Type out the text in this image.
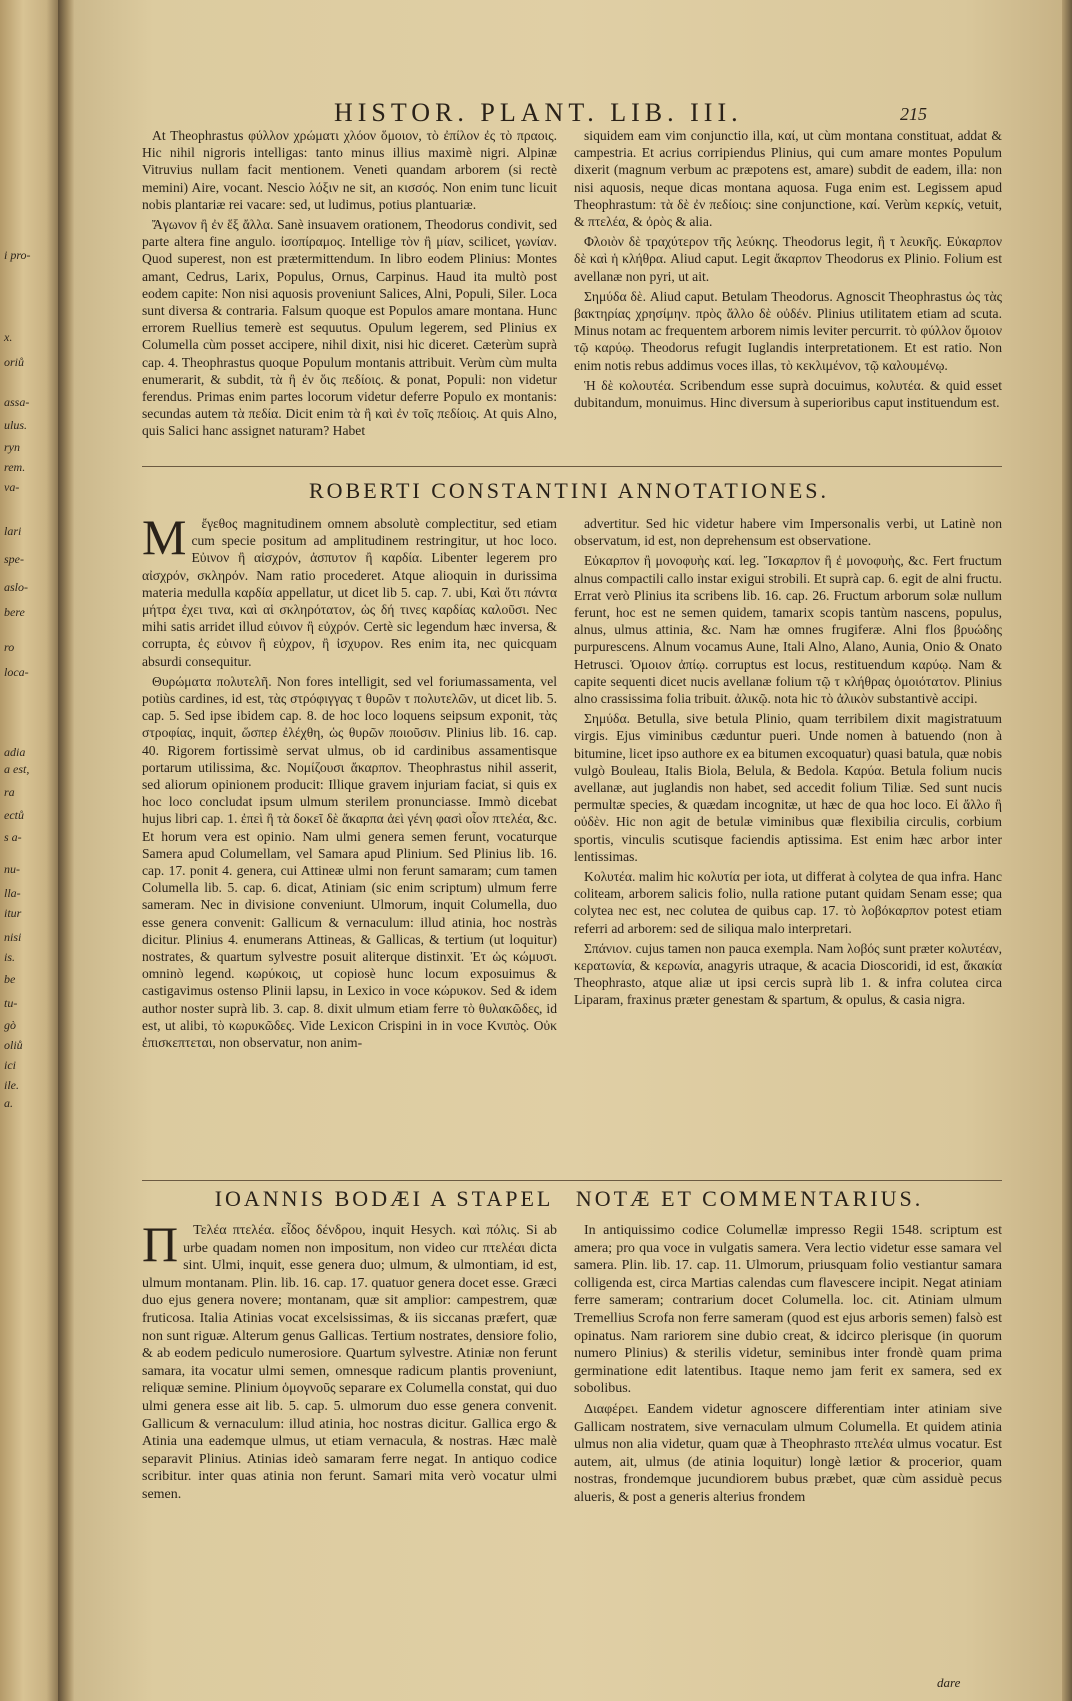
i pro-
x.
oriů
assa-
ulus.
ryn
rem.
va-
lari
spe-
aslo-
bere
ro
loca-
adia
a est,
ra
ectů
s a-
nu-
lla-
itur
nisi
is.
be
tu-
gò
oliů
ici
ile.
a.
HISTOR. PLANT. LIB. III.	215

At Theophrastus φύλλον χρώματι χλόον ὅμοιον, τὸ ἐπίλον ἐς τὸ πραοις. Hic nihil nigroris intelligas: tanto minus illius maximè nigri. Alpinæ Vitruvius nullam facit mentionem. Veneti quandam arborem (si rectè memini) Aire, vocant. Nescio λόξιν ne sit, an κισσός. Non enim tunc licuit nobis plantariæ rei vacare: sed, ut ludimus, potius plantuariæ.

Ἄγωνον ἢ ἐν ἕξ ἄλλα. Sanè insuavem orationem, Theodorus condivit, sed parte altera fine angulo. ἰσοπίραμος. Intellige τὸν ἢ μίαν, scilicet, γωνίαν. Quod superest, non est prætermittendum. In libro eodem Plinius: Montes amant, Cedrus, Larix, Populus, Ornus, Carpinus. Haud ita multò post eodem capite: Non nisi aquosis proveniunt Salices, Alni, Populi, Siler. Loca sunt diversa & contraria. Falsum quoque est Populos amare montana. Hunc errorem Ruellius temerè est sequutus. Opulum legerem, sed Plinius ex Columella cùm posset accipere, nihil dixit, nisi hic diceret. Cæterùm suprà cap. 4. Theophrastus quoque Populum montanis attribuit. Verùm cùm multa enumerarit, & subdit, τὰ ἢ ἐν ὅις πεδίοις. & ponat, Populi: non videtur ferendus. Primas enim partes locorum videtur deferre Populo ex montanis: secundas autem τὰ πεδία. Dicit enim τὰ ἢ καὶ ἐν τοῖς πεδίοις. At quis Alno, quis Salici hanc assignet naturam? Habet

siquidem eam vim conjunctio illa, καί, ut cùm montana constituat, addat & campestria. Et acrius corripiendus Plinius, qui cum amare montes Populum dixerit (magnum verbum ac præpotens est, amare) subdit de eadem, illa: non nisi aquosis, neque dicas montana aquosa. Fuga enim est. Legissem apud Theophrastum: τὰ δὲ ἐν πεδίοις: sine conjunctione, καί. Verùm κερκίς, vetuit, & πτελέα, & ὀρὸς & alia.

Φλοιὸν δὲ τραχύτερον τῆς λεύκης. Theodorus legit, ἢ τ λευκῆς. Εὐκαρπον δὲ καὶ ἡ κλήθρα. Aliud caput. Legit ἄκαρπον Theodorus ex Plinio. Folium est avellanæ non pyri, ut ait.

Σημύδα δὲ. Aliud caput. Betulam Theodorus. Agnoscit Theophrastus ὡς τὰς βακτηρίας χρησίμην. πρὸς ἄλλο δὲ οὐδέν. Plinius utilitatem etiam ad scuta. Minus notam ac frequentem arborem nimis leviter percurrit. τὸ φύλλον ὅμοιον τῷ καρύῳ. Theodorus refugit Iuglandis interpretationem. Et est ratio. Non enim notis rebus addimus voces illas, τὸ κεκλιμένον, τῷ καλουμένῳ.

Ἡ δὲ κολουτέα. Scribendum esse suprà docuimus, κολυτέα. & quid esset dubitandum, monuimus. Hinc diversum à superioribus caput instituendum est.

ROBERTI CONSTANTINI ANNOTATIONES.
M	ἔγεθος magnitudinem omnem absolutè complectitur, sed etiam cum specie positum ad amplitudinem restringitur, ut hoc loco. Εὐινον ἢ αἰσχρόν, ἀσπυτον ἢ καρδία. Libenter legerem pro αἰσχρόν, σκληρόν. Nam ratio procederet. Atque alioquin in durissima materia medulla καρδία appellatur, ut dicet lib 5. cap. 7. ubi, Καὶ ὅτι πάντα μήτρα ἐχει τινα, καὶ αἱ σκληρότατον, ὡς δή τινες καρδίας καλοῦσι. Nec mihi satis arridet illud εὐινον ἢ εὐχρόν. Certè sic legendum hæc inversa, & corrupta, ἐς εὐινον ἢ εὐχρον, ἢ ἰσχυρον. Res enim ita, nec quicquam absurdi consequitur.

Θυρώματα πολυτελῆ. Non fores intelligit, sed vel foriumassamenta, vel potiùs cardines, id est, τὰς στρόφιγγας τ θυρῶν τ πολυτελῶν, ut dicet lib. 5. cap. 5. Sed ipse ibidem cap. 8. de hoc loco loquens seipsum exponit, τὰς στροφίας, inquit, ὥσπερ ἐλέχθη, ὡς θυρῶν ποιοῦσιν. Plinius lib. 16. cap. 40. Rigorem fortissimè servat ulmus, ob id cardinibus assamentisque portarum utilissima, &c. Νομίζουσι ἄκαρπον. Theophrastus nihil asserit, sed aliorum opinionem producit: Illique gravem injuriam faciat, si quis ex hoc loco concludat ipsum ulmum sterilem pronunciasse. Immò dicebat hujus libri cap. 1. ἐπεὶ ἢ τὰ δοκεῖ δὲ ἄκαρπα ἀεὶ γένη φασὶ οἷον πτελέα, &c. Et horum vera est opinio. Nam ulmi genera semen ferunt, vocaturque Samera apud Columellam, vel Samara apud Plinium. Sed Plinius lib. 16. cap. 17. ponit 4. genera, cui Attineæ ulmi non ferunt samaram; cum tamen Columella lib. 5. cap. 6. dicat, Atiniam (sic enim scriptum) ulmum ferre sameram. Nec in divisione conveniunt. Ulmorum, inquit Columella, duo esse genera convenit: Gallicum & vernaculum: illud atinia, hoc nostràs dicitur. Plinius 4. enumerans Attineas, & Gallicas, & tertium (ut loquitur) nostrates, & quartum sylvestre posuit aliterque distinxit. Ἐτ ὡς κώμυσι. omninò legend. κωρύκοις, ut copiosè hunc locum exposuimus & castigavimus ostenso Plinii lapsu, in Lexico in voce κώρυκον. Sed & idem author noster suprà lib. 3. cap. 8. dixit ulmum etiam ferre τὸ θυλακῶδες, id est, ut alibi, τὸ κωρυκῶδες. Vide Lexicon Crispini in in voce Κνιπὸς. Οὐκ ἐπισκεπτεται, non observatur, non anim-

advertitur. Sed hic videtur habere vim Impersonalis verbi, ut Latinè non observatum, id est, non deprehensum est observatione.

Εὐκαρπον ἢ μονοφυὴς καί. leg. Ἴσκαρπον ἢ ἐ μονοφυὴς, &c. Fert fructum alnus compactili callo instar exigui strobili. Et suprà cap. 6. egit de alni fructu. Errat verò Plinius ita scribens lib. 16. cap. 26. Fructum arborum solæ nullum ferunt, hoc est ne semen quidem, tamarix scopis tantùm nascens, populus, alnus, ulmus attinia, &c. Nam hæ omnes frugiferæ. Alni flos βρυώδης purpurescens. Alnum vocamus Aune, Itali Alno, Alano, Aunia, Onio & Onato Hetrusci. Ὁμοιον ἀπίῳ. corruptus est locus, restituendum καρύῳ. Nam & capite sequenti dicet nucis avellanæ folium τῷ τ κλήθρας ὁμοιότατον. Plinius alno crassissima folia tribuit. ἀλικῷ. nota hic τὸ ἀλικὸν substantivè accipi.

Σημύδα. Betulla, sive betula Plinio, quam terribilem dixit magistratuum virgis. Ejus viminibus cæduntur pueri. Unde nomen à batuendo (non à bitumine, licet ipso authore ex ea bitumen excoquatur) quasi batula, quæ nobis vulgò Bouleau, Italis Biola, Belula, & Bedola. Καρύα. Betula folium nucis avellanæ, aut juglandis non habet, sed accedit folium Tiliæ. Sed sunt nucis permultæ species, & quædam incognitæ, ut hæc de qua hoc loco. Εἰ ἄλλο ἢ οὐδὲν. Hic non agit de betulæ viminibus quæ flexibilia circulis, corbium sportis, vinculis scutisque faciendis aptissima. Est enim hæc arbor inter lentissimas.

Κολυτέα. malim hic κολυτία per iota, ut differat à colytea de qua infra. Hanc coliteam, arborem salicis folio, nulla ratione putant quidam Senam esse; qua colytea nec est, nec colutea de quibus cap. 17. τὸ λοβόκαρπον potest etiam referri ad arborem: sed de siliqua malo interpretari.

Σπάνιον. cujus tamen non pauca exempla. Nam λοβός sunt præter κολυτέαν, κερατωνία, & κερωνία, anagyris utraque, & acacia Dioscoridi, id est, ἄκακία Theophrasto, atque aliæ ut ipsi cercis suprà lib 1. & infra colutea circa Liparam, fraxinus præter genestam & spartum, & opulus, & casia nigra.

IOANNIS BODÆI A STAPEL NOTÆ ET COMMENTARIUS.
Π	Τελέα πτελέα. εἶδος δένδρου, inquit Hesych. καὶ πόλις. Si ab urbe quadam nomen non impositum, non video cur πτελέαι dicta sint. Ulmi, inquit, esse genera duo; ulmum, & ulmontiam, id est, ulmum montanam. Plin. lib. 16. cap. 17. quatuor genera docet esse. Græci duo ejus genera novere; montanam, quæ sit amplior: campestrem, quæ fruticosa. Italia Atinias vocat excelsissimas, & iis siccanas præfert, quæ non sunt riguæ. Alterum genus Gallicas. Tertium nostrates, densiore folio, & ab eodem pediculo numerosiore. Quartum sylvestre. Atiniæ non ferunt samara, ita vocatur ulmi semen, omnesque radicum plantis proveniunt, reliquæ semine. Plinium ὁμογνοῦς separare ex Columella constat, qui duo ulmi genera esse ait lib. 5. cap. 5. ulmorum duo esse genera convenit. Gallicum & vernaculum: illud atinia, hoc nostras dicitur. Gallica ergo & Atinia una eademque ulmus, ut etiam vernacula, & nostras. Hæc malè separavit Plinius. Atinias ideò samaram ferre negat. In antiquo codice scribitur. inter quas atinia non ferunt. Samari mita verò vocatur ulmi semen.

In antiquissimo codice Columellæ impresso Regii 1548. scriptum est amera; pro qua voce in vulgatis samera. Vera lectio videtur esse samara vel samera. Plin. lib. 17. cap. 11. Ulmorum, priusquam folio vestiantur samara colligenda est, circa Martias calendas cum flavescere incipit. Negat atiniam ferre sameram; contrarium docet Columella. loc. cit. Atiniam ulmum Tremellius Scrofa non ferre sameram (quod est ejus arboris semen) falsò est opinatus. Nam rariorem sine dubio creat, & idcirco plerisque (in quorum numero Plinius) & sterilis videtur, seminibus inter frondè quam prima germinatione edit latentibus. Itaque nemo jam ferit ex samera, sed ex sobolibus.

Διαφέρει. Eandem videtur agnoscere differentiam inter atiniam sive Gallicam nostratem, sive vernaculam ulmum Columella. Et quidem atinia ulmus non alia videtur, quam quæ à Theophrasto πτελέα ulmus vocatur. Est autem, ait, ulmus (de atinia loquitur) longè lætior & procerior, quam nostras, frondemque jucundiorem bubus præbet, quæ cùm assiduè pecus alueris, & post a generis alterius frondem

dare
